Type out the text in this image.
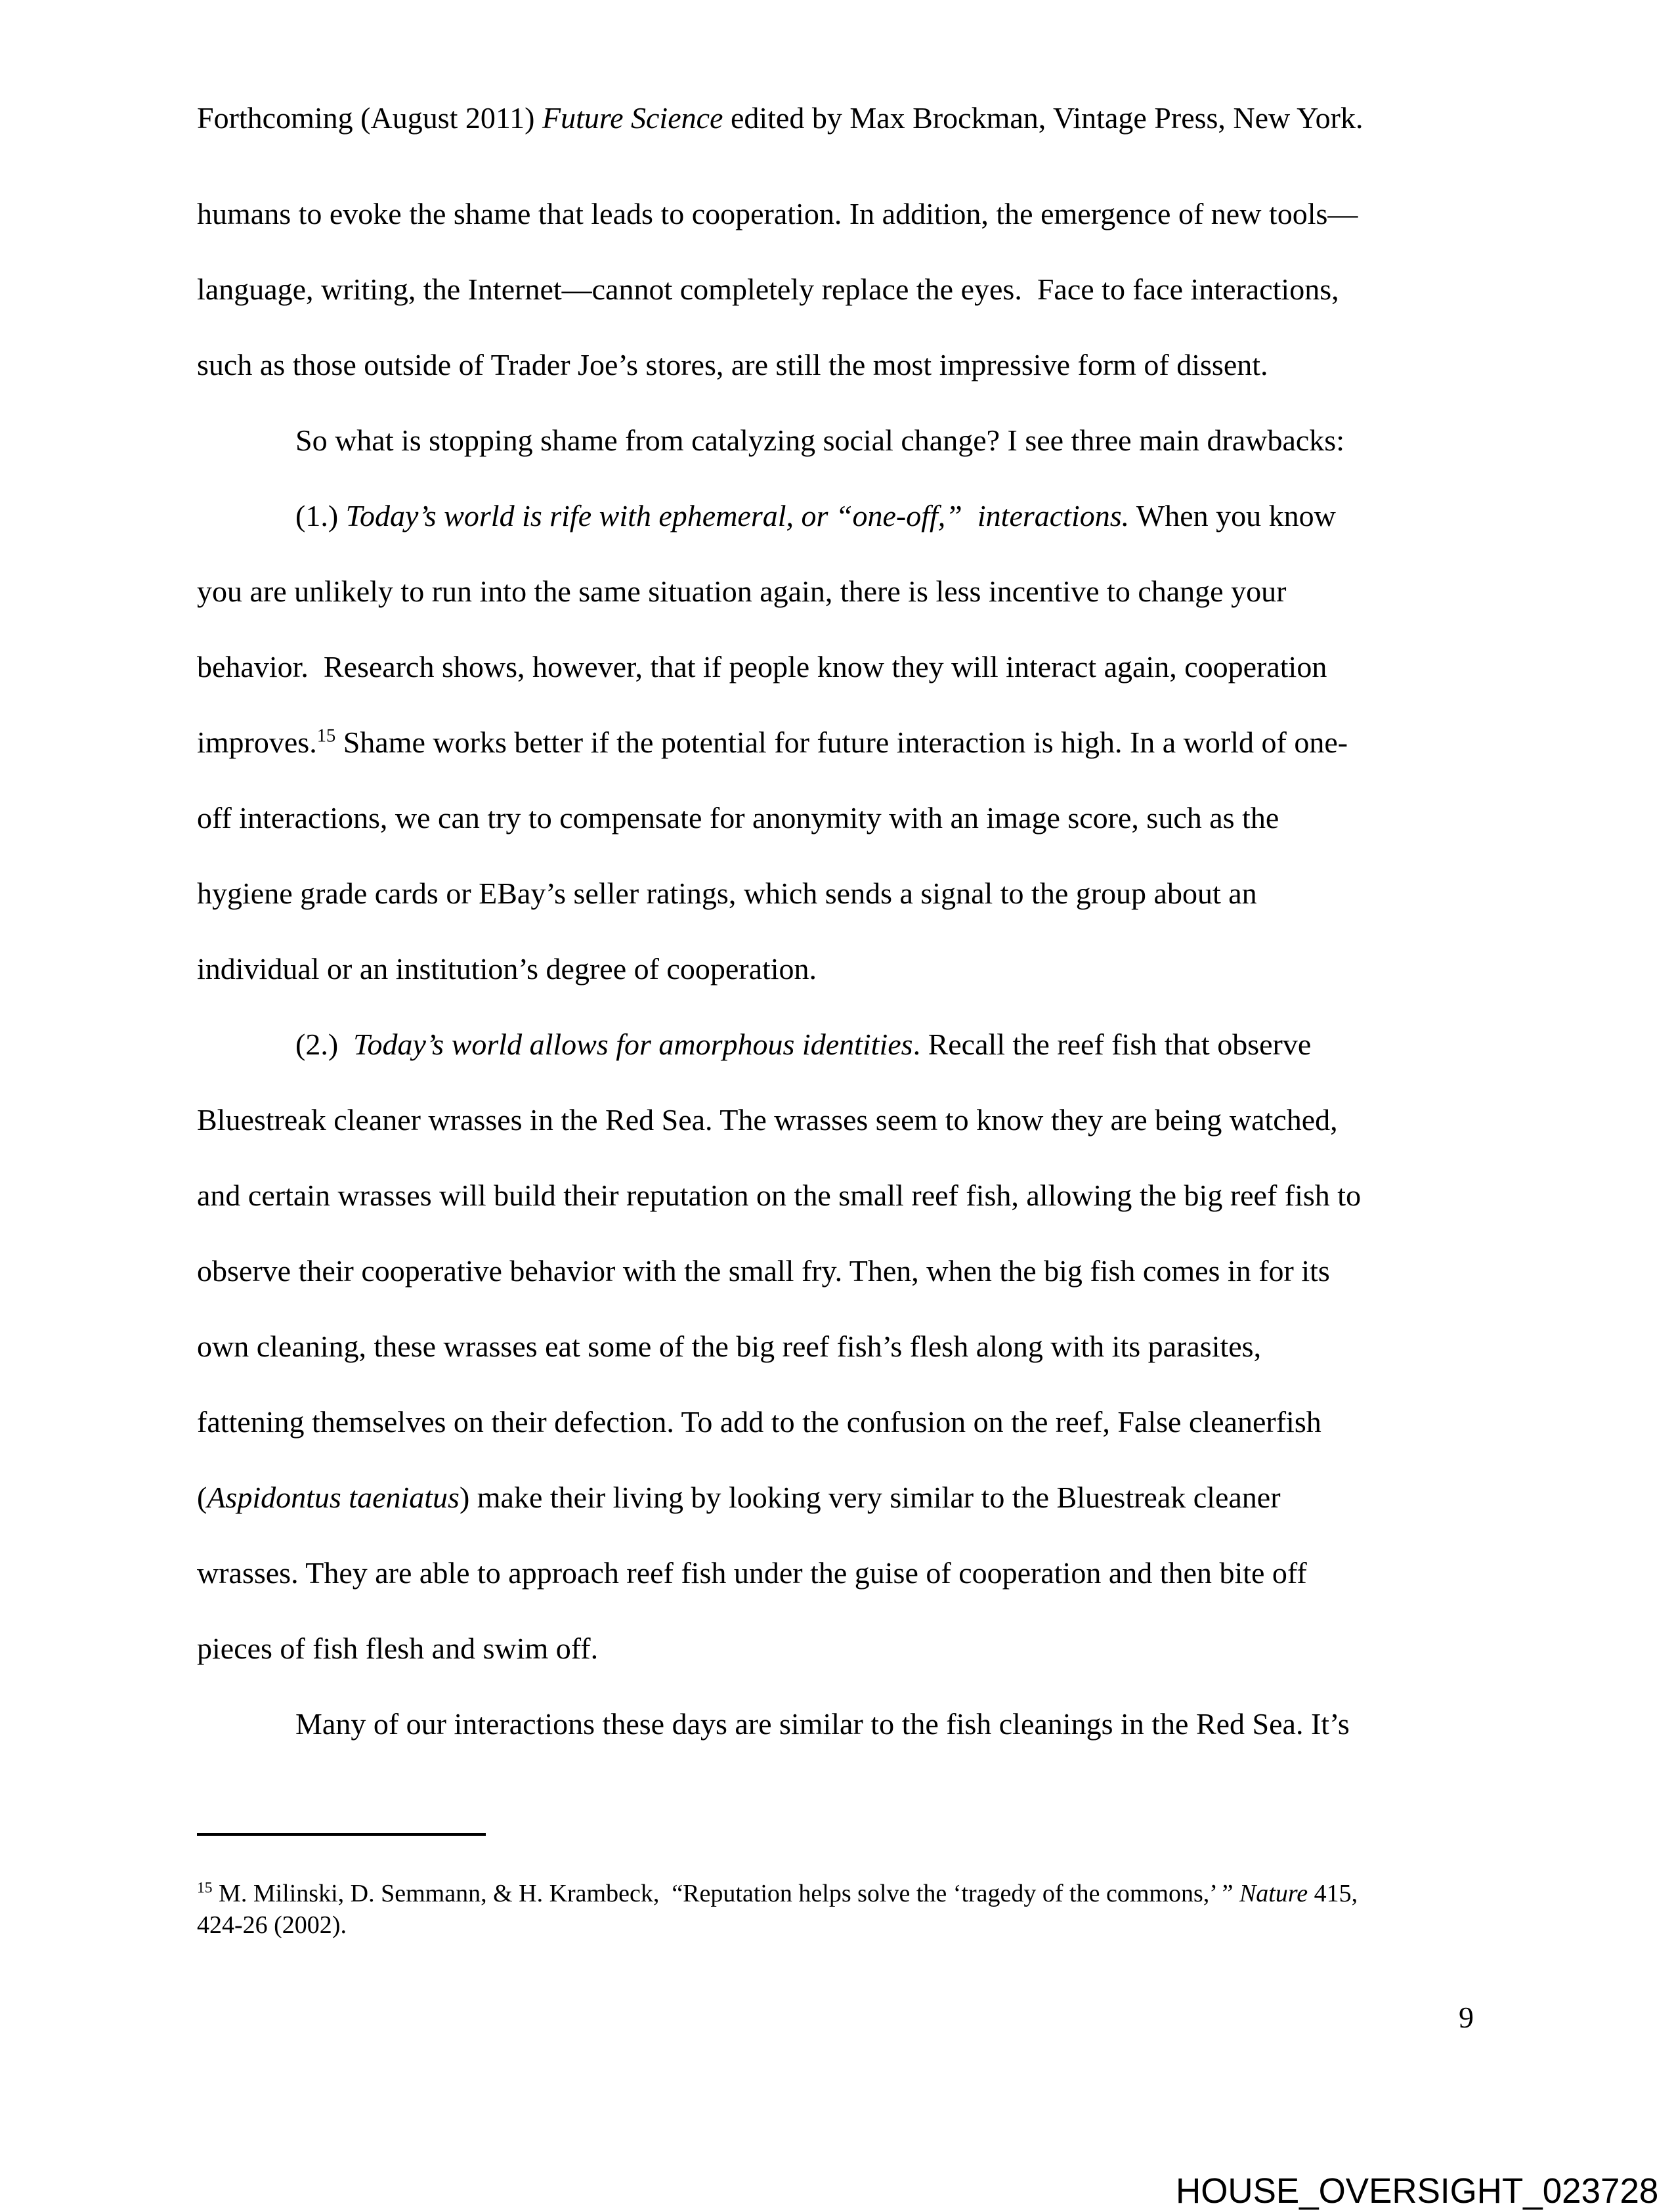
Forthcoming (August 2011) Future Science edited by Max Brockman, Vintage Press, New York.
humans to evoke the shame that leads to cooperation. In addition, the emergence of new tools—
language, writing, the Internet—cannot completely replace the eyes.  Face to face interactions,
such as those outside of Trader Joe’s stores, are still the most impressive form of dissent.
So what is stopping shame from catalyzing social change? I see three main drawbacks:
(1.) Today’s world is rife with ephemeral, or “one-off,”  interactions. When you know
you are unlikely to run into the same situation again, there is less incentive to change your
behavior.  Research shows, however, that if people know they will interact again, cooperation
improves.$^{15}$ Shame works better if the potential for future interaction is high. In a world of one-
off interactions, we can try to compensate for anonymity with an image score, such as the
hygiene grade cards or EBay’s seller ratings, which sends a signal to the group about an
individual or an institution’s degree of cooperation.
(2.)  Today’s world allows for amorphous identities. Recall the reef fish that observe
Bluestreak cleaner wrasses in the Red Sea. The wrasses seem to know they are being watched,
and certain wrasses will build their reputation on the small reef fish, allowing the big reef fish to
observe their cooperative behavior with the small fry. Then, when the big fish comes in for its
own cleaning, these wrasses eat some of the big reef fish’s flesh along with its parasites,
fattening themselves on their defection. To add to the confusion on the reef, False cleanerfish
(Aspidontus taeniatus) make their living by looking very similar to the Bluestreak cleaner
wrasses. They are able to approach reef fish under the guise of cooperation and then bite off
pieces of fish flesh and swim off.
Many of our interactions these days are similar to the fish cleanings in the Red Sea. It’s
$^{15}$ M. Milinski, D. Semmann, & H. Krambeck,  “Reputation helps solve the ‘tragedy of the commons,’ ” Nature 415,
424-26 (2002).
9
HOUSE_OVERSIGHT_023728
